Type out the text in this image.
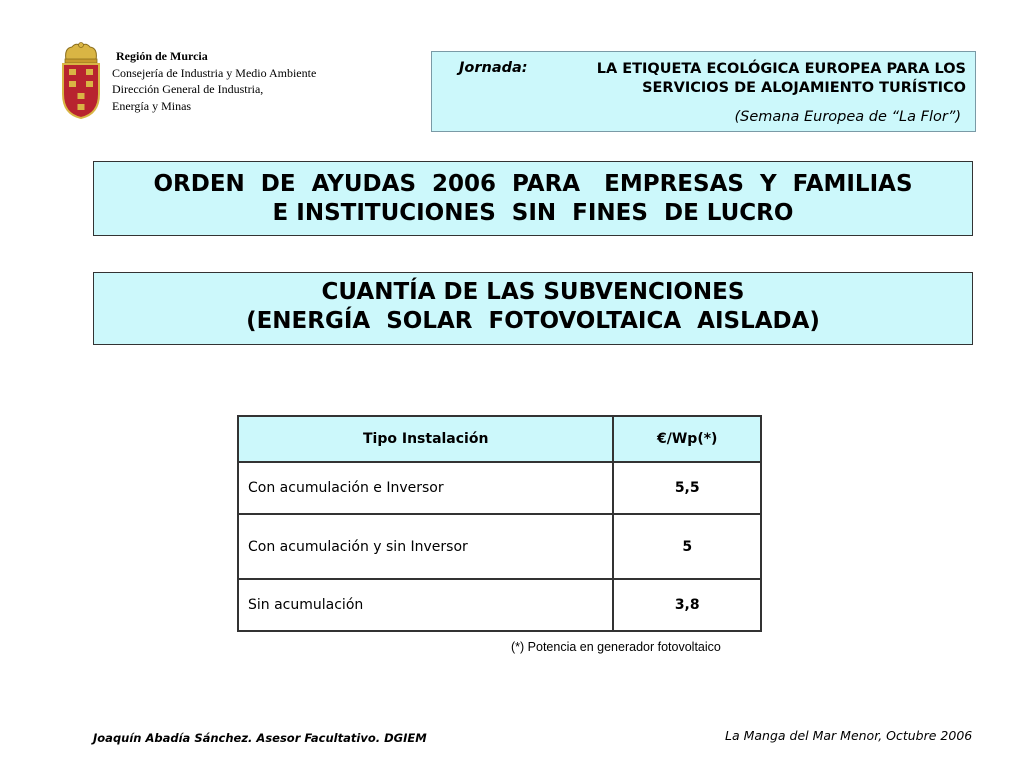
Región de Murcia
Consejería de Industria y Medio Ambiente
Dirección General de Industria,
Energía y Minas
Jornada:	LA ETIQUETA ECOLÓGICA EUROPEA PARA LOS
SERVICIOS DE ALOJAMIENTO TURÍSTICO
(Semana Europea de “La Flor”)
ORDEN  DE  AYUDAS  2006  PARA   EMPRESAS  Y  FAMILIAS
E INSTITUCIONES  SIN  FINES  DE LUCRO
CUANTÍA DE LAS SUBVENCIONES
(ENERGÍA  SOLAR  FOTOVOLTAICA  AISLADA)
Tipo Instalación	€/Wp(*)
Con acumulación e Inversor	5,5
Con acumulación y sin Inversor	5
Sin acumulación	3,8
(*) Potencia en generador fotovoltaico
Joaquín Abadía Sánchez. Asesor Facultativo. DGIEM	La Manga del Mar Menor, Octubre 2006
